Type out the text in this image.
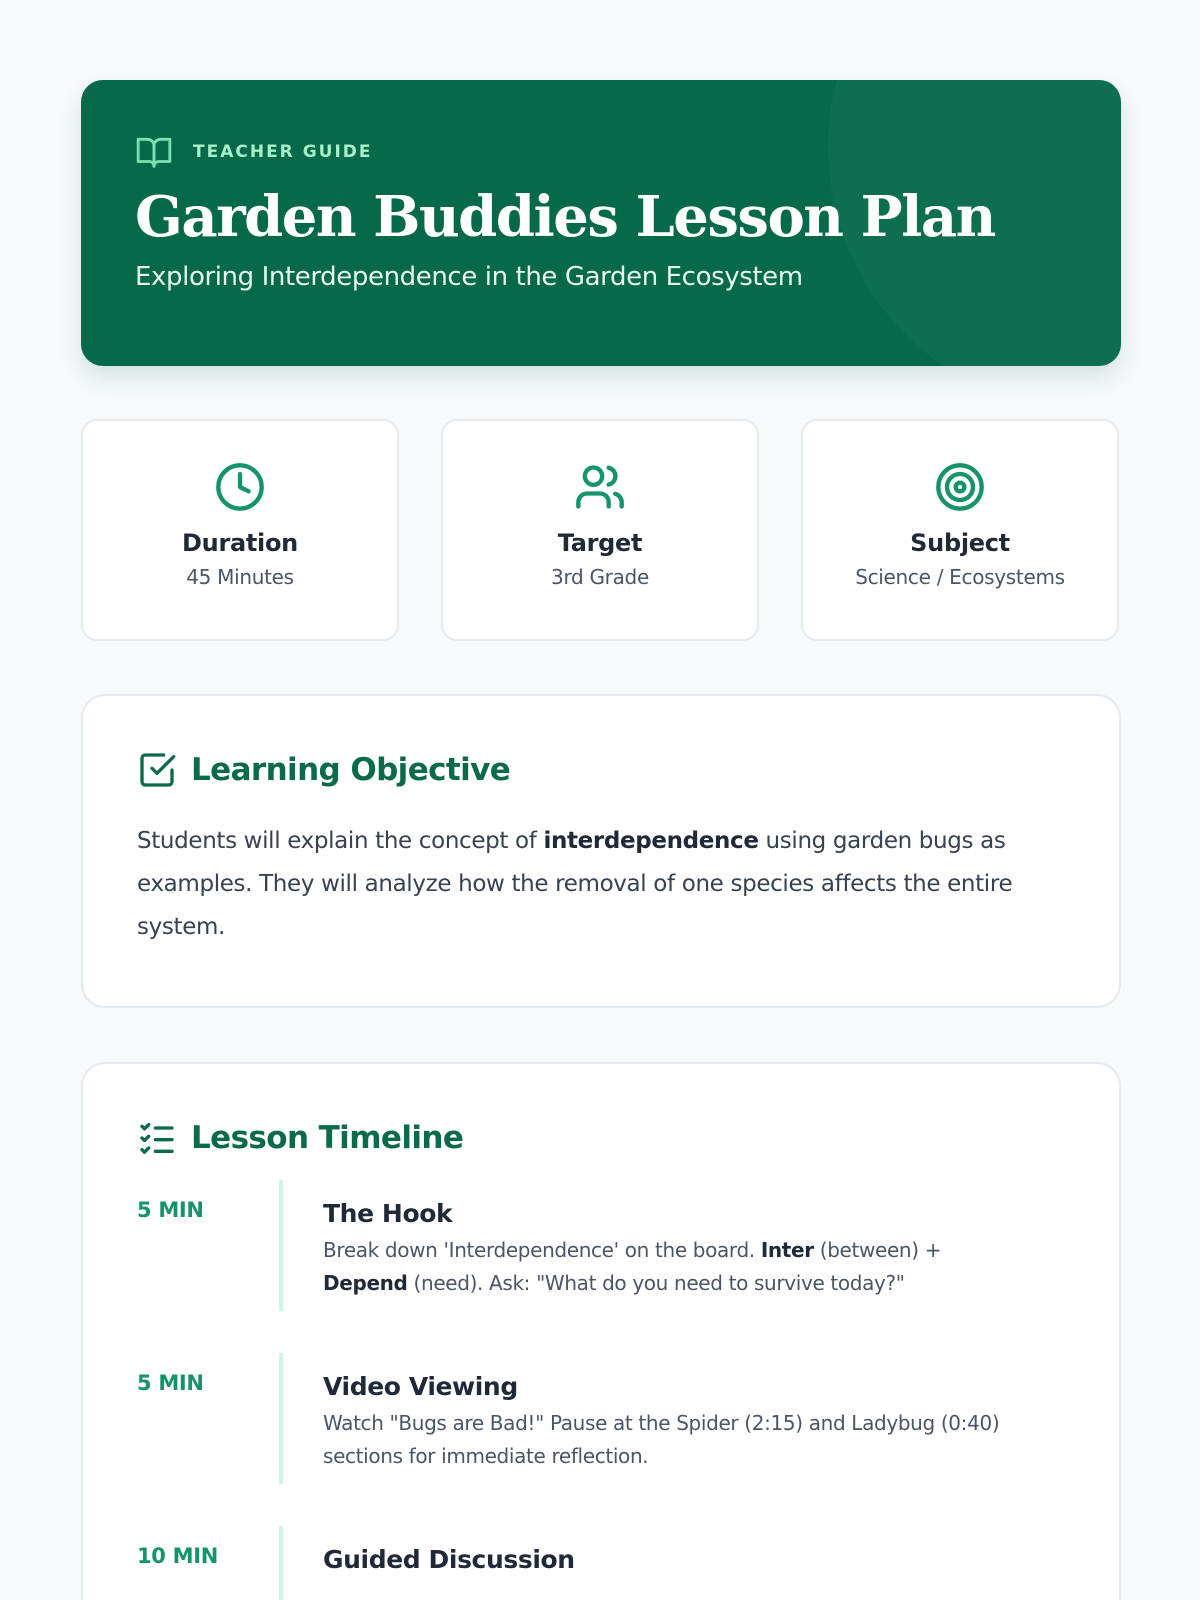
TEACHER GUIDE
Garden Buddies Lesson Plan

Exploring Interdependence in the Garden Ecosystem

Duration
45 Minutes
Target
3rd Grade
Subject
Science / Ecosystems
Learning Objective

Students will explain the concept of interdependence using garden bugs as examples. They will analyze how the removal of one species affects the entire system.

Lesson Timeline
5 MIN	The Hook
Break down 'Interdependence' on the board. Inter (between) + Depend (need). Ask: "What do you need to survive today?"
5 MIN	Video Viewing
Watch "Bugs are Bad!" Pause at the Spider (2:15) and Ladybug (0:40) sections for immediate reflection.
10 MIN	Guided Discussion
